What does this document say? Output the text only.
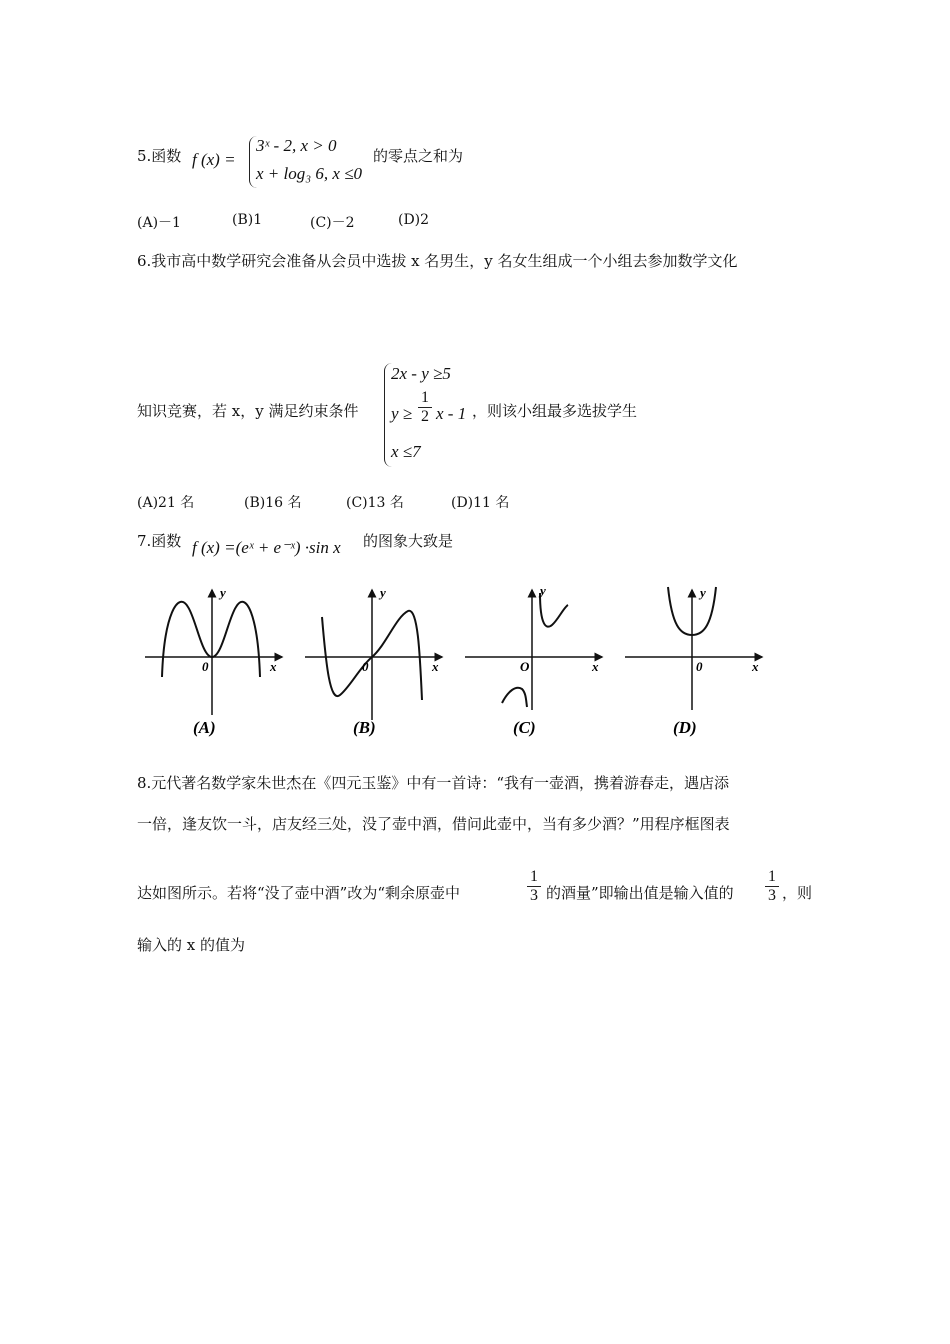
5.函数 f (x) =
3ˣ - 2, x > 0
x + log₃ 6, x ≤0
的零点之和为
(A)－1	(B)1	(C)－2	(D)2
6.我市高中数学研究会准备从会员中选拔 x 名男生，y 名女生组成一个小组去参加数学文化
知识竞赛，若 x，y 满足约束条件
2x - y ≥5
$y \ge \frac{1}{2}$ x - 1
x ≤7
，则该小组最多选拔学生
(A)21 名	(B)16 名	(C)13 名	(D)11 名
7.函数 f (x) =(eˣ + e⁻ˣ) ·sin x 的图象大致是
y
x
0
(A)
y
x
0
(B)
y
x
O
(C)
y
x
0
(D)
8.元代著名数学家朱世杰在《四元玉鉴》中有一首诗：“我有一壶酒，携着游春走，遇店添
一倍，逢友饮一斗，店友经三处，没了壶中酒，借问此壶中，当有多少酒？”用程序框图表
达如图所示。若将“没了壶中酒”改为“剩余原壶中	$\frac{1}{3}$ 的酒量”即输出值是输入值的 $\frac{1}{3}$ ，则
输入的 x 的值为
